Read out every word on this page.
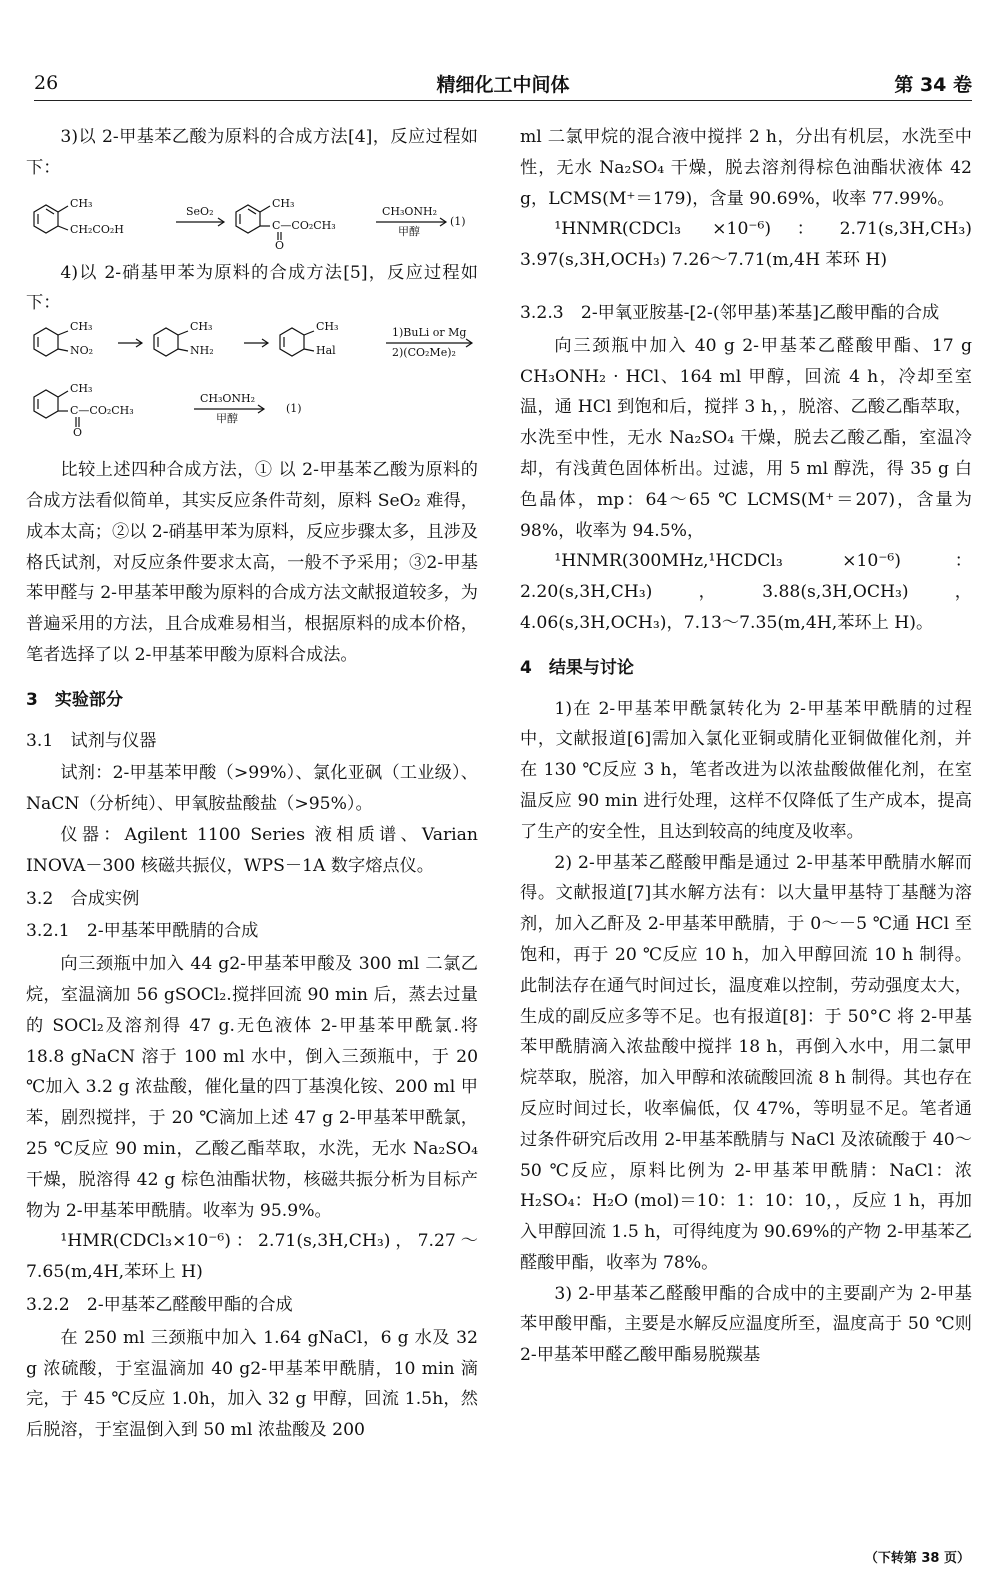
26	精细化工中间体	第 34 卷

3)以 2-甲基苯乙酸为原料的合成方法[4]，反应过程如下：

CH₃
CH₂CO₂H
SeO₂
CH₃
C—CO₂CH₃
O
CH₃ONH₂
甲醇
(1)

4)以 2-硝基甲苯为原料的合成方法[5]，反应过程如下：

CH₃
NO₂
CH₃
NH₂
CH₃
Hal
1)BuLi or Mg
2)(CO₂Me)₂
CH₃
C—CO₂CH₃
O
CH₃ONH₂
甲醇
(1)

比较上述四种合成方法，① 以 2-甲基苯乙酸为原料的合成方法看似简单，其实反应条件苛刻，原料 SeO₂ 难得，成本太高；②以 2-硝基甲苯为原料，反应步骤太多，且涉及格氏试剂，对反应条件要求太高，一般不予采用；③2-甲基苯甲醛与 2-甲基苯甲酸为原料的合成方法文献报道较多，为普遍采用的方法，且合成难易相当，根据原料的成本价格，笔者选择了以 2-甲基苯甲酸为原料合成法。

3　实验部分

3.1　试剂与仪器

试剂：2-甲基苯甲酸（>99%）、氯化亚砜（工业级）、NaCN（分析纯）、甲氧胺盐酸盐（>95%）。

仪器：Agilent 1100 Series 液相质谱、Varian INOVA－300 核磁共振仪，WPS－1A 数字熔点仪。

3.2　合成实例

3.2.1　2-甲基苯甲酰腈的合成

向三颈瓶中加入 44 g2-甲基苯甲酸及 300 ml 二氯乙烷，室温滴加 56 gSOCl₂.搅拌回流 90 min 后，蒸去过量的 SOCl₂及溶剂得 47 g.无色液体 2-甲基苯甲酰氯.将 18.8 gNaCN 溶于 100 ml 水中，倒入三颈瓶中，于 20 ℃加入 3.2 g 浓盐酸，催化量的四丁基溴化铵、200 ml 甲苯，剧烈搅拌，于 20 ℃滴加上述 47 g 2-甲基苯甲酰氯，25 ℃反应 90 min，乙酸乙酯萃取，水洗，无水 Na₂SO₄ 干燥，脱溶得 42 g 棕色油酯状物，核磁共振分析为目标产物为 2-甲基苯甲酰腈。收率为 95.9%。

¹HMR(CDCl₃×10⁻⁶)：2.71(s,3H,CH₃)，7.27～7.65(m,4H,苯环上 H)

3.2.2　2-甲基苯乙醛酸甲酯的合成

在 250 ml 三颈瓶中加入 1.64 gNaCl，6 g 水及 32 g 浓硫酸，于室温滴加 40 g2-甲基苯甲酰腈，10 min 滴完，于 45 ℃反应 1.0h，加入 32 g 甲醇，回流 1.5h，然后脱溶，于室温倒入到 50 ml 浓盐酸及 200

ml 二氯甲烷的混合液中搅拌 2 h，分出有机层，水洗至中性，无水 Na₂SO₄ 干燥，脱去溶剂得棕色油酯状液体 42 g，LCMS(M⁺＝179)，含量 90.69%，收率 77.99%。

¹HNMR(CDCl₃ ×10⁻⁶)：2.71(s,3H,CH₃) 3.97(s,3H,OCH₃) 7.26～7.71(m,4H 苯环 H)

3.2.3　2-甲氧亚胺基-[2-(邻甲基)苯基]乙酸甲酯的合成

向三颈瓶中加入 40 g 2-甲基苯乙醛酸甲酯、17 g CH₃ONH₂ · HCl、164 ml 甲醇，回流 4 h，冷却至室温，通 HCl 到饱和后，搅拌 3 h，，脱溶、乙酸乙酯萃取，水洗至中性，无水 Na₂SO₄ 干燥，脱去乙酸乙酯，室温冷却，有浅黄色固体析出。过滤，用 5 ml 醇洗，得 35 g 白色晶体，mp：64～65 ℃ LCMS(M⁺＝207)，含量为 98%，收率为 94.5%，

¹HNMR(300MHz,¹HCDCl₃ ×10⁻⁶)：2.20(s,3H,CH₃)，3.88(s,3H,OCH₃)，4.06(s,3H,OCH₃)，7.13～7.35(m,4H,苯环上 H)。

4　结果与讨论

1)在 2-甲基苯甲酰氯转化为 2-甲基苯甲酰腈的过程中，文献报道[6]需加入氯化亚铜或腈化亚铜做催化剂，并在 130 ℃反应 3 h，笔者改进为以浓盐酸做催化剂，在室温反应 90 min 进行处理，这样不仅降低了生产成本，提高了生产的安全性，且达到较高的纯度及收率。

2) 2-甲基苯乙醛酸甲酯是通过 2-甲基苯甲酰腈水解而得。文献报道[7]其水解方法有：以大量甲基特丁基醚为溶剂，加入乙酐及 2-甲基苯甲酰腈，于 0～－5 ℃通 HCl 至饱和，再于 20 ℃反应 10 h，加入甲醇回流 10 h 制得。此制法存在通气时间过长，温度难以控制，劳动强度太大，生成的副反应多等不足。也有报道[8]：于 50°C 将 2-甲基苯甲酰腈滴入浓盐酸中搅拌 18 h，再倒入水中，用二氯甲烷萃取，脱溶，加入甲醇和浓硫酸回流 8 h 制得。其也存在反应时间过长，收率偏低，仅 47%，等明显不足。笔者通过条件研究后改用 2-甲基苯酰腈与 NaCl 及浓硫酸于 40～50 ℃反应，原料比例为 2-甲基苯甲酰腈：NaCl：浓 H₂SO₄：H₂O (mol)＝10：1：10：10，，反应 1 h，再加入甲醇回流 1.5 h，可得纯度为 90.69%的产物 2-甲基苯乙醛酸甲酯，收率为 78%。

3) 2-甲基苯乙醛酸甲酯的合成中的主要副产为 2-甲基苯甲酸甲酯，主要是水解反应温度所至，温度高于 50 ℃则 2-甲基苯甲醛乙酸甲酯易脱羰基

（下转第 38 页）
